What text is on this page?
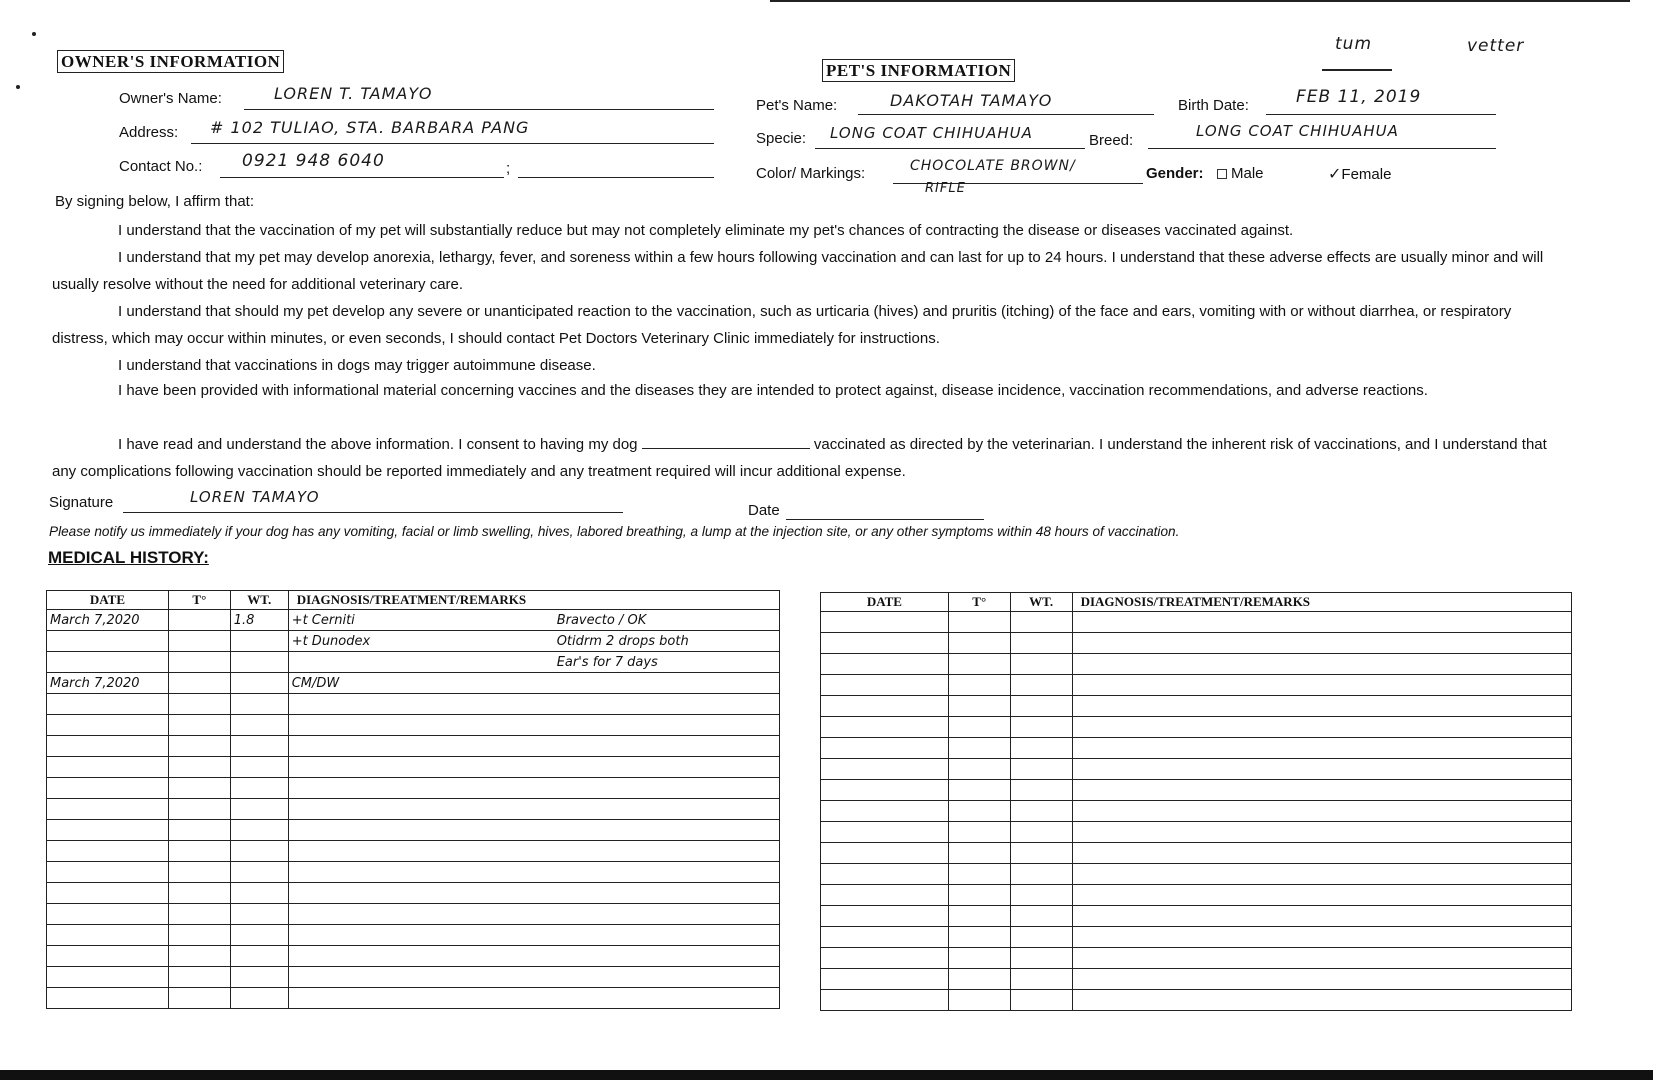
tum	vetter
OWNER'S INFORMATION
Owner's Name:	LOREN T. TAMAYO
Address: # 102 TULIAO, STA. BARBARA PANG
Contact No.: 0921 948 6040	;
PET'S INFORMATION
Pet's Name:	DAKOTAH TAMAYO	Birth Date:	FEB 11, 2019
Specie: LONG COAT CHIHUAHUA	Breed:
LONG COAT CHIHUAHUA
Color/ Markings:	CHOCOLATE BROWN/
RIFLE
Gender:	Male	✓Female
By signing below, I affirm that:
I understand that the vaccination of my pet will substantially reduce but may not completely eliminate my pet's chances of contracting the disease or diseases vaccinated against.
I understand that my pet may develop anorexia, lethargy, fever, and soreness within a few hours following vaccination and can last for up to 24 hours. I understand that these adverse effects are usually minor and will usually resolve without the need for additional veterinary care.
I understand that should my pet develop any severe or unanticipated reaction to the vaccination, such as urticaria (hives) and pruritis (itching) of the face and ears, vomiting with or without diarrhea, or respiratory distress, which may occur within minutes, or even seconds, I should contact Pet Doctors Veterinary Clinic immediately for instructions.
I understand that vaccinations in dogs may trigger autoimmune disease.
I have been provided with informational material concerning vaccines and the diseases they are intended to protect against, disease incidence, vaccination recommendations, and adverse reactions.
I have read and understand the above information. I consent to having my dog	vaccinated as directed by the veterinarian. I understand the inherent risk of vaccinations, and I understand that any complications following vaccination should be reported immediately and any treatment required will incur additional expense.
Signature	LOREN TAMAYO
Date
Please notify us immediately if your dog has any vomiting, facial or limb swelling, hives, labored breathing, a lump at the injection site, or any other symptoms within 48 hours of vaccination.
MEDICAL HISTORY:
DATE	T°	WT.	DIAGNOSIS/TREATMENT/REMARKS	
March 7,2020		1.8	+t Cerniti	Bravecto / OK
			+t Dunodex	Otidrm 2 drops both
				Ear's for 7 days
March 7,2020			CM/DW	

DATE	T°	WT.	DIAGNOSIS/TREATMENT/REMARKS
